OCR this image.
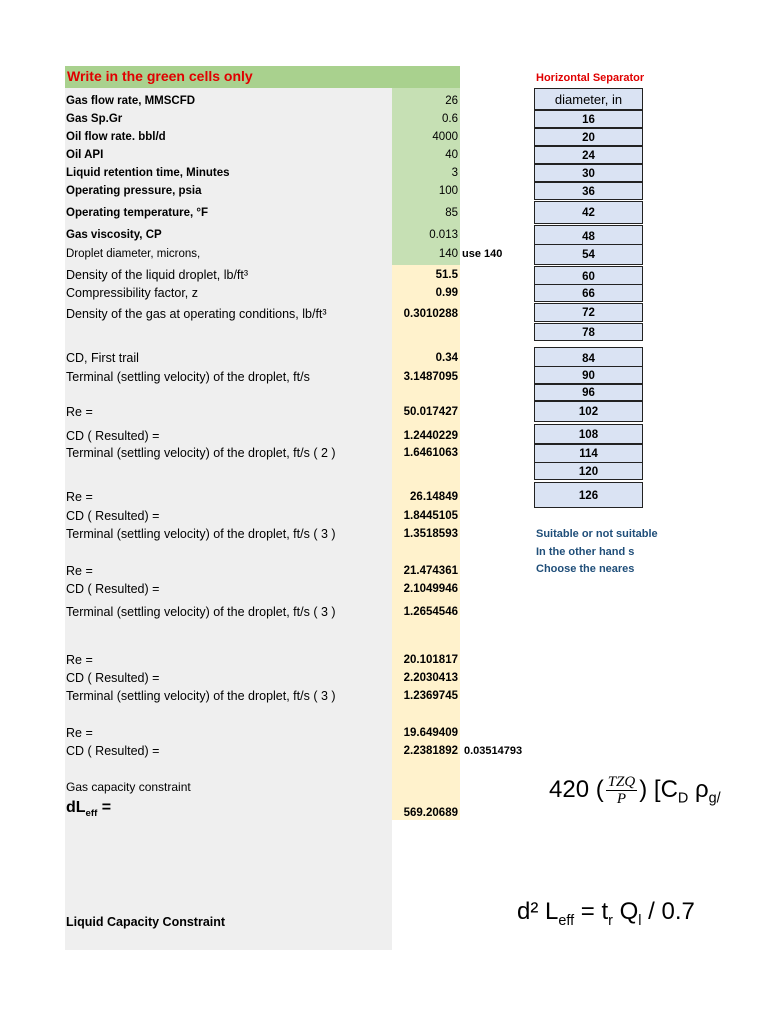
Write in the green cells only
Gas flow rate, MMSCFD	26
Gas Sp.Gr	0.6
Oil flow rate. bbl/d	4000
Oil API	40
Liquid retention time, Minutes	3
Operating pressure, psia	100
Operating temperature, °F	85
Gas viscosity, CP	0.013
Droplet diameter, microns,	140 use 140
Density of the liquid droplet, lb/ft³	51.5
Compressibility factor, z	0.99
Density of the gas at operating conditions, lb/ft³	0.3010288
CD, First trail	0.34
Terminal (settling velocity) of the droplet, ft/s	3.1487095
Re =	50.017427
CD ( Resulted) =	1.2440229
Terminal (settling velocity) of the droplet, ft/s ( 2 )	1.6461063
Re =	26.14849
CD ( Resulted) =	1.8445105
Terminal (settling velocity) of the droplet, ft/s ( 3 )	1.3518593
Re =	21.474361
CD ( Resulted) =	2.1049946
Terminal (settling velocity) of the droplet, ft/s ( 3 )	1.2654546
Re =	20.101817
CD ( Resulted) =	2.2030413
Terminal (settling velocity) of the droplet, ft/s ( 3 )	1.2369745
Re =	19.649409
CD ( Resulted) =	2.2381892 0.03514793
Gas capacity constraint
$dL_{eff}$ =	569.20689
Liquid Capacity Constraint
Horizontal Separator
diameter, in
16
20
24
30
36
42
48
54
60
66
72
78
84
90
96
102
108
114
120
126
Suitable or not suitable
In the other hand s
Choose the neares
420 ( $\frac{\text{TZQ}}{P}$ ) [$C_D$ $\rho_{g/}$
d² $L_{eff} = t_r$ $Q_l / 0.7$
